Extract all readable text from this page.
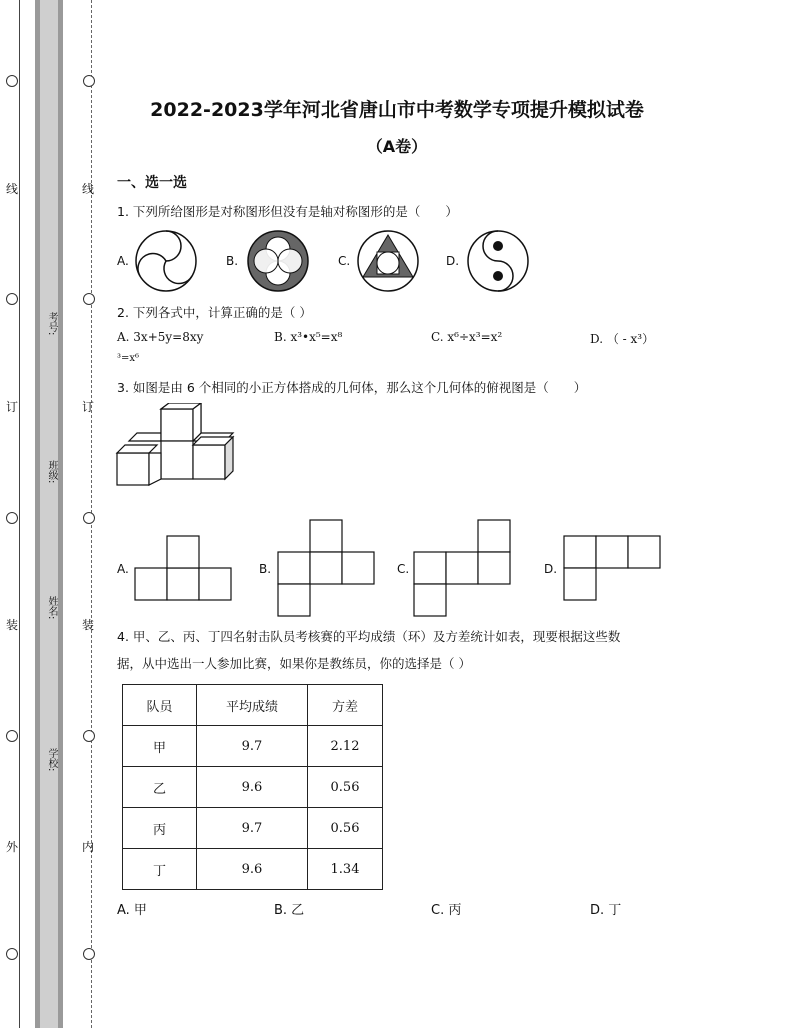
线
订
装
外
线
订
装
内
考号:
班级:
姓名:
学校:
2022-2023学年河北省唐山市中考数学专项提升模拟试卷
（A卷）
一、选一选
1. 下列所给图形是对称图形但没有是轴对称图形的是（　　）
A.	B.	C.	D.
2. 下列各式中，计算正确的是（ ）
A. 3x+5y=8xy	B. x³•x⁵=x⁸	C. x⁶÷x³=x²	D. （ - x³）
³=x⁶
3. 如图是由 6 个相同的小正方体搭成的几何体，那么这个几何体的俯视图是（　　）
A.	B.	C.	D.
4. 甲、乙、丙、丁四名射击队员考核赛的平均成绩（环）及方差统计如表，现要根据这些数
据，从中选出一人参加比赛，如果你是教练员，你的选择是（ ）
队员	平均成绩	方差
甲	9.7	2.12
乙	9.6	0.56
丙	9.7	0.56
丁	9.6	1.34
A. 甲	B. 乙	C. 丙	D. 丁
